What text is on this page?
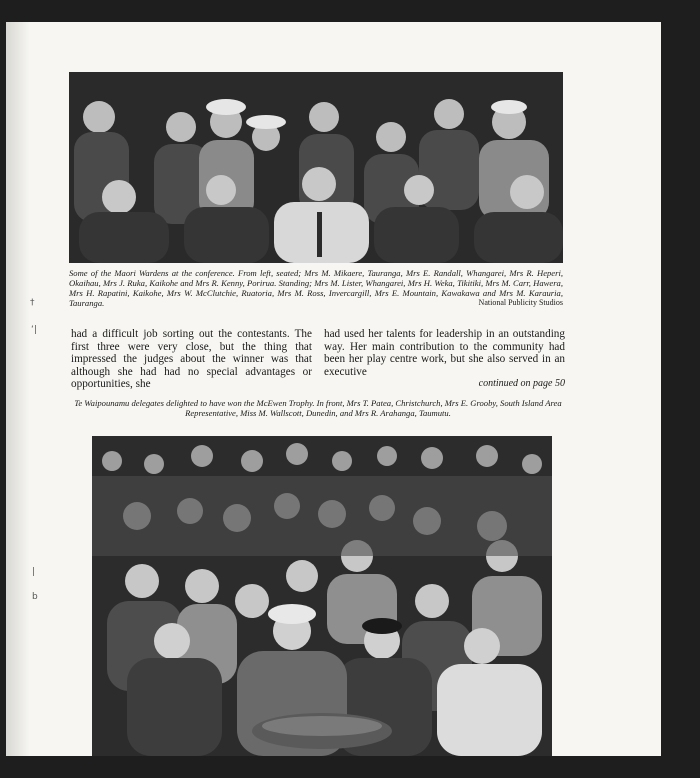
Some of the Maori Wardens at the conference. From left, seated; Mrs M. Mikaere, Tauranga, Mrs E. Randall, Whangarei, Mrs R. Heperi, Okaihau, Mrs J. Ruka, Kaikohe and Mrs R. Kenny, Porirua. Standing; Mrs M. Lister, Whangarei, Mrs H. Weka, Tikitiki, Mrs M. Carr, Hawera, Mrs H. Rapatini, Kaikohe, Mrs W. McClutchie, Ruatoria, Mrs M. Ross, Invercargill, Mrs E. Mountain, Kawakawa and Mrs M. Karauria, Tauranga.	National Publicity Studios
had a difficult job sorting out the contestants. The first three were very close, but the thing that impressed the judges about the winner was that although she had had no special advantages or opportunities, she
had used her talents for leadership in an outstanding way. Her main contribution to the community had been her play centre work, but she also served in an executive
continued on page 50
Te Waipounamu delegates delighted to have won the McEwen Trophy. In front, Mrs T. Patea, Christchurch, Mrs E. Grooby, South Island Area Representative, Miss M. Wallscott, Dunedin, and Mrs R. Arahanga, Taumutu.
†
ʻ|
|
b
